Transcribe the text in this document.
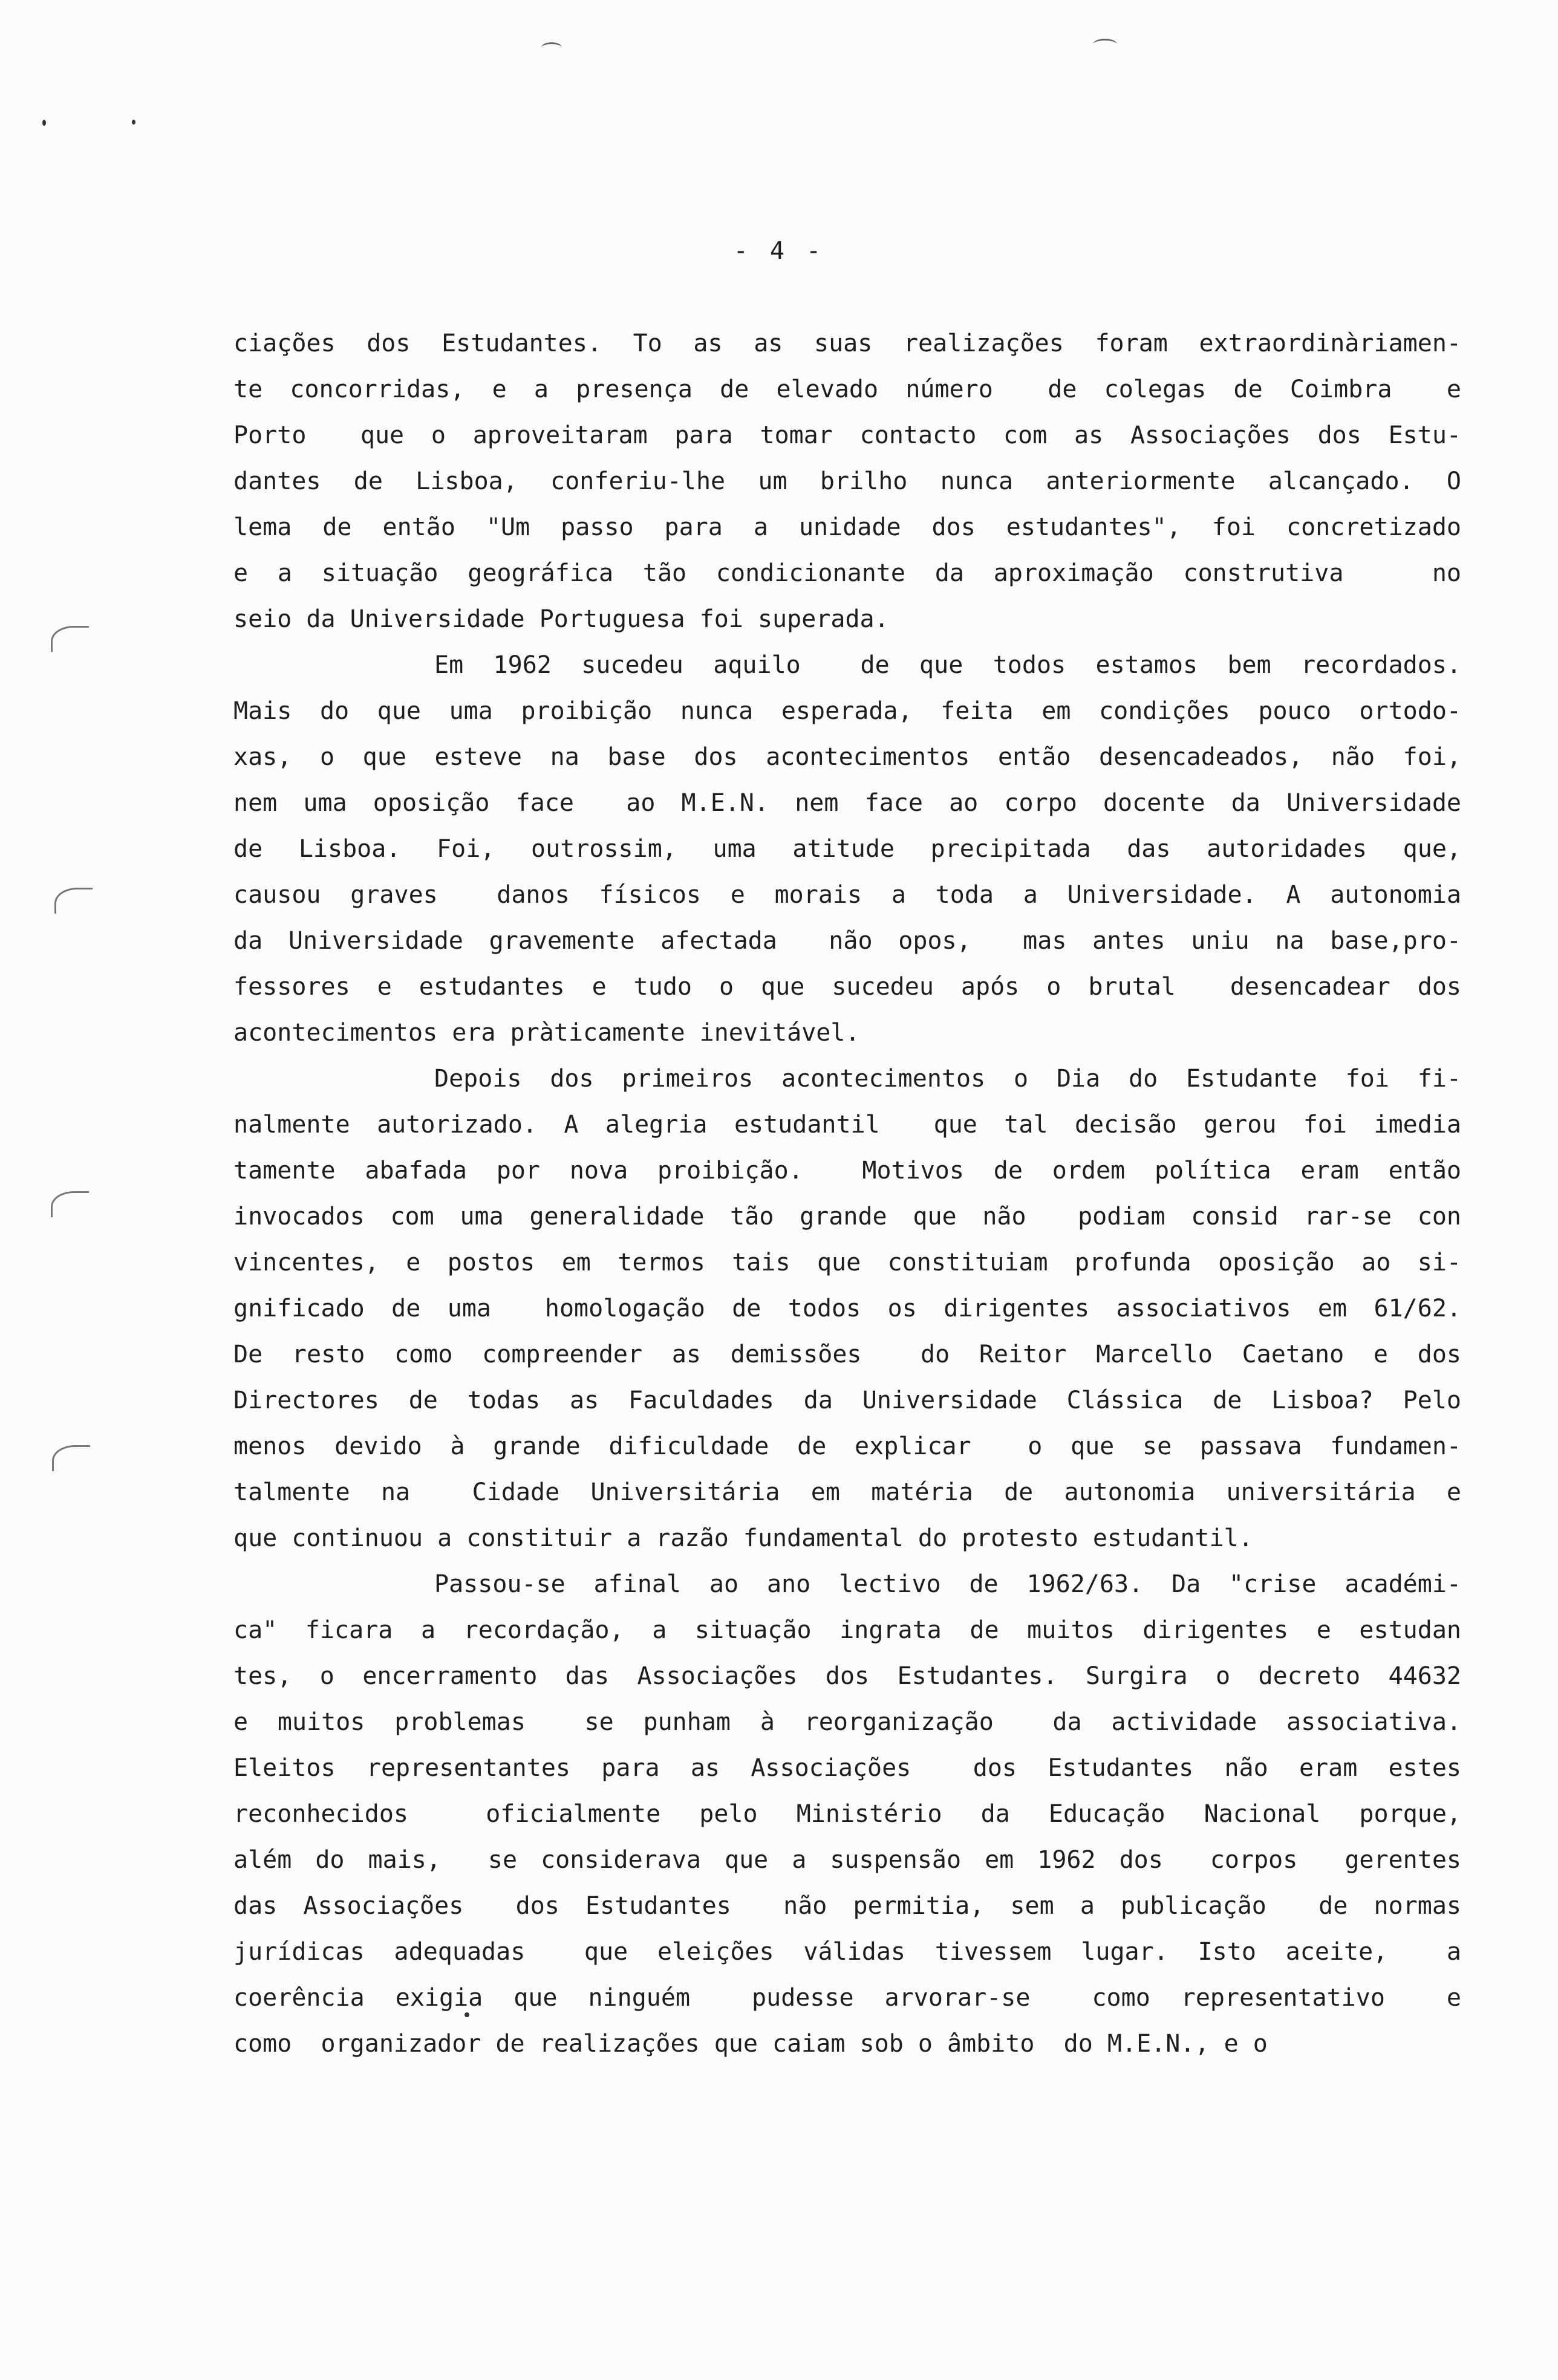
- 4 -
ciações dos Estudantes. To as as suas realizações foram extraordinàriamen-
te concorridas, e a presença de elevado número  de colegas de Coimbra  e
Porto  que o aproveitaram para tomar contacto com as Associações dos Estu-
dantes de Lisboa, conferiu-lhe um brilho nunca anteriormente alcançado. O
lema de então "Um passo para a unidade dos estudantes", foi concretizado
e a situação geográfica tão condicionante da aproximação construtiva   no
seio da Universidade Portuguesa foi superada.
Em 1962 sucedeu aquilo  de que todos estamos bem recordados.
Mais do que uma proibição nunca esperada, feita em condições pouco ortodo-
xas, o que esteve na base dos acontecimentos então desencadeados, não foi,
nem uma oposição face  ao M.E.N. nem face ao corpo docente da Universidade
de Lisboa. Foi, outrossim, uma atitude precipitada das autoridades que,
causou graves  danos físicos e morais a toda a Universidade. A autonomia
da Universidade gravemente afectada  não opos,  mas antes uniu na base,pro-
fessores e estudantes e tudo o que sucedeu após o brutal  desencadear dos
acontecimentos era pràticamente inevitável.
Depois dos primeiros acontecimentos o Dia do Estudante foi fi-
nalmente autorizado. A alegria estudantil  que tal decisão gerou foi imedia
tamente abafada por nova proibição.  Motivos de ordem política eram então
invocados com uma generalidade tão grande que não  podiam consid rar-se con
vincentes, e postos em termos tais que constituiam profunda oposição ao si-
gnificado de uma  homologação de todos os dirigentes associativos em 61/62.
De resto como compreender as demissões  do Reitor Marcello Caetano e dos
Directores de todas as Faculdades da Universidade Clássica de Lisboa? Pelo
menos devido à grande dificuldade de explicar  o que se passava fundamen-
talmente na  Cidade Universitária em matéria de autonomia universitária e
que continuou a constituir a razão fundamental do protesto estudantil.
Passou-se afinal ao ano lectivo de 1962/63. Da "crise académi-
ca" ficara a recordação, a situação ingrata de muitos dirigentes e estudan
tes, o encerramento das Associações dos Estudantes. Surgira o decreto 44632
e muitos problemas  se punham à reorganização  da actividade associativa.
Eleitos representantes para as Associações  dos Estudantes não eram estes
reconhecidos  oficialmente pelo Ministério da Educação Nacional porque,
além do mais,  se considerava que a suspensão em 1962 dos  corpos  gerentes
das Associações  dos Estudantes  não permitia, sem a publicação  de normas
jurídicas adequadas  que eleições válidas tivessem lugar. Isto aceite,  a
coerência exigia que ninguém  pudesse arvorar-se  como representativo  e
como  organizador de realizações que caiam sob o âmbito  do M.E.N., e o
